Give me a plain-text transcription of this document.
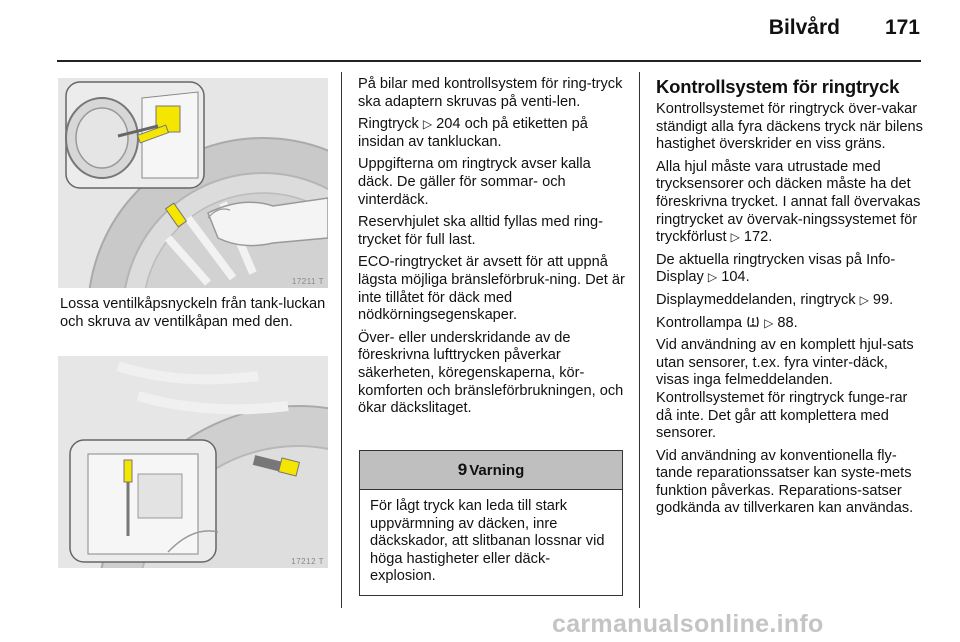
Bilvård 171
17211 T

Lossa ventilkåpsnyckeln från tank-luckan och skruva av ventilkåpan med den.

17212 T

På bilar med kontrollsystem för ring-tryck ska adaptern skruvas på venti-len.

Ringtryck ▷ 204 och på etiketten på insidan av tankluckan.

Uppgifterna om ringtryck avser kalla däck. De gäller för sommar- och vinterdäck.

Reservhjulet ska alltid fyllas med ring-trycket för full last.

ECO-ringtrycket är avsett för att uppnå lägsta möjliga bränsleförbruk-ning. Det är inte tillåtet för däck med nödkörningsegenskaper.

Över- eller underskridande av de föreskrivna lufttrycken påverkar säkerheten, köregenskaperna, kör-komforten och bränsleförbrukningen, och ökar däckslitaget.

9 Varning
För lågt tryck kan leda till stark uppvärmning av däcken, inre däckskador, att slitbanan lossnar vid höga hastigheter eller däck-explosion.
Kontrollsystem för ringtryck

Kontrollsystemet för ringtryck över-vakar ständigt alla fyra däckens tryck när bilens hastighet överskrider en viss gräns.

Alla hjul måste vara utrustade med trycksensorer och däcken måste ha det föreskrivna trycket. I annat fall övervakas ringtrycket av övervak-ningssystemet för tryckförlust ▷ 172.

De aktuella ringtrycken visas på Info-Display ▷ 104.

Displaymeddelanden, ringtryck ▷ 99.

Kontrollampa  ▷ 88.

Vid användning av en komplett hjul-sats utan sensorer, t.ex. fyra vinter-däck, visas inga felmeddelanden. Kontrollsystemet för ringtryck funge-rar då inte. Det går att komplettera med sensorer.

Vid användning av konventionella fly-tande reparationssatser kan syste-mets funktion påverkas. Reparations-satser godkända av tillverkaren kan användas.

carmanualsonline.info
